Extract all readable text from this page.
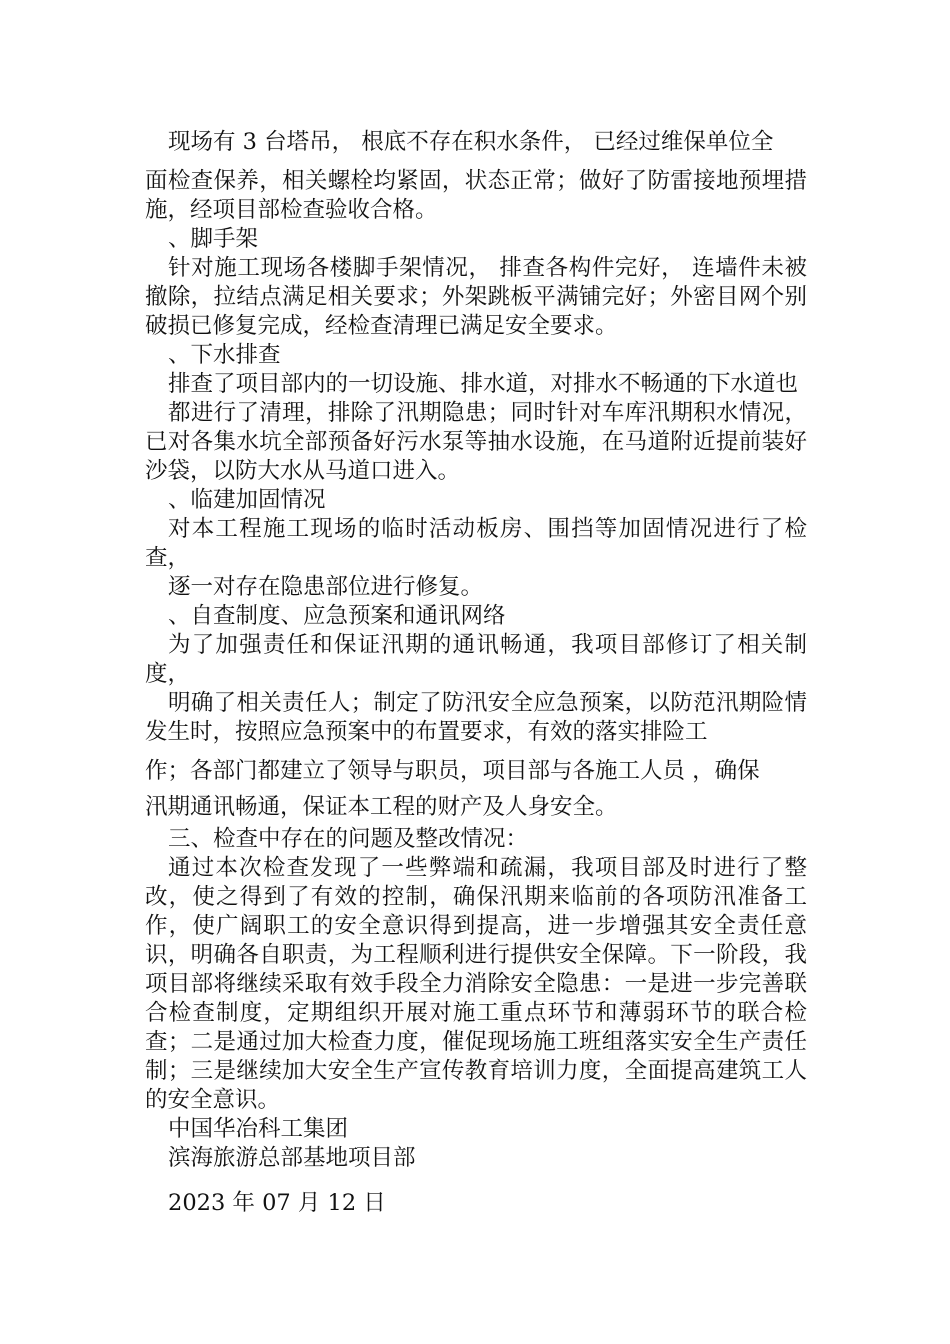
现场有 3 台塔吊， 根底不存在积水条件， 已经过维保单位全

面检查保养，相关螺栓均紧固，状态正常；做好了防雷接地预埋措施，经项目部检查验收合格。

、脚手架

针对施工现场各楼脚手架情况， 排查各构件完好， 连墙件未被撤除，拉结点满足相关要求；外架跳板平满铺完好；外密目网个别破损已修复完成，经检查清理已满足安全要求。

、下水排查

排查了项目部内的一切设施、排水道，对排水不畅通的下水道也

都进行了清理，排除了汛期隐患；同时针对车库汛期积水情况，已对各集水坑全部预备好污水泵等抽水设施，在马道附近提前装好沙袋，以防大水从马道口进入。

、临建加固情况

对本工程施工现场的临时活动板房、围挡等加固情况进行了检查，

逐一对存在隐患部位进行修复。

、自查制度、应急预案和通讯网络

为了加强责任和保证汛期的通讯畅通，我项目部修订了相关制度，

明确了相关责任人；制定了防汛安全应急预案，以防范汛期险情发生时，按照应急预案中的布置要求，有效的落实排险工

作；各部门都建立了领导与职员，项目部与各施工人员 ，确保

汛期通讯畅通，保证本工程的财产及人身安全。

三、检查中存在的问题及整改情况：

通过本次检查发现了一些弊端和疏漏，我项目部及时进行了整改，使之得到了有效的控制，确保汛期来临前的各项防汛准备工作，使广阔职工的安全意识得到提高，进一步增强其安全责任意识，明确各自职责，为工程顺利进行提供安全保障。下一阶段，我项目部将继续采取有效手段全力消除安全隐患：一是进一步完善联合检查制度，定期组织开展对施工重点环节和薄弱环节的联合检查；二是通过加大检查力度，催促现场施工班组落实安全生产责任制；三是继续加大安全生产宣传教育培训力度，全面提高建筑工人的安全意识。

中国华冶科工集团

滨海旅游总部基地项目部

2023 年 07 月 12 日
